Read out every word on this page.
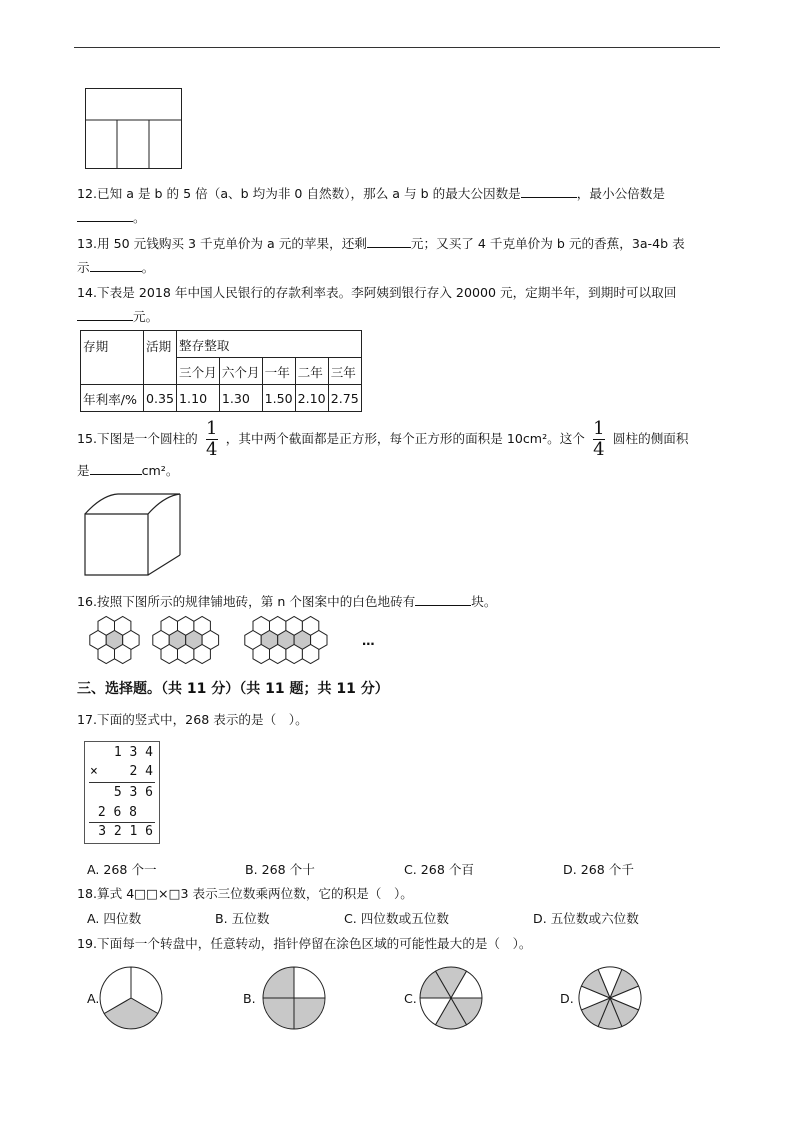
12.已知 a 是 b 的 5 倍（a、b 均为非 0 自然数），那么 a 与 b 的最大公因数是	，最小公倍数是
。
13.用 50 元钱购买 3 千克单价为 a 元的苹果，还剩	元；又买了 4 千克单价为 b 元的香蕉，3a-4b 表
示	。
14.下表是 2018 年中国人民银行的存款利率表。李阿姨到银行存入 20000 元，定期半年，到期时可以取回
元。
存期	活期	整存整取				
		三个月	六个月	一年	二年	三年
年利率/%	0.35	1.10	1.30	1.50	2.10	2.75
15.下图是一个圆柱的 $\frac{1}{4}$ ，其中两个截面都是正方形，每个正方形的面积是 10cm²。这个 $\frac{1}{4}$ 圆柱的侧面积
是	cm²。
16.按照下图所示的规律铺地砖，第 n 个图案中的白色地砖有	块。
…
三、选择题。（共 11 分）（共 11 题；共 11 分）
17.下面的竖式中，268 表示的是（　）。
1 3 4
× 2 4
5 3 6
2 6 8
3 2 1 6
A. 268 个一	B. 268 个十	C. 268 个百	D. 268 个千
18.算式 4□□×□3 表示三位数乘两位数，它的积是（　）。
A. 四位数	B. 五位数	C. 四位数或五位数	D. 五位数或六位数
19.下面每一个转盘中，任意转动，指针停留在涂色区域的可能性最大的是（　）。
A.	B.	C.	D.
